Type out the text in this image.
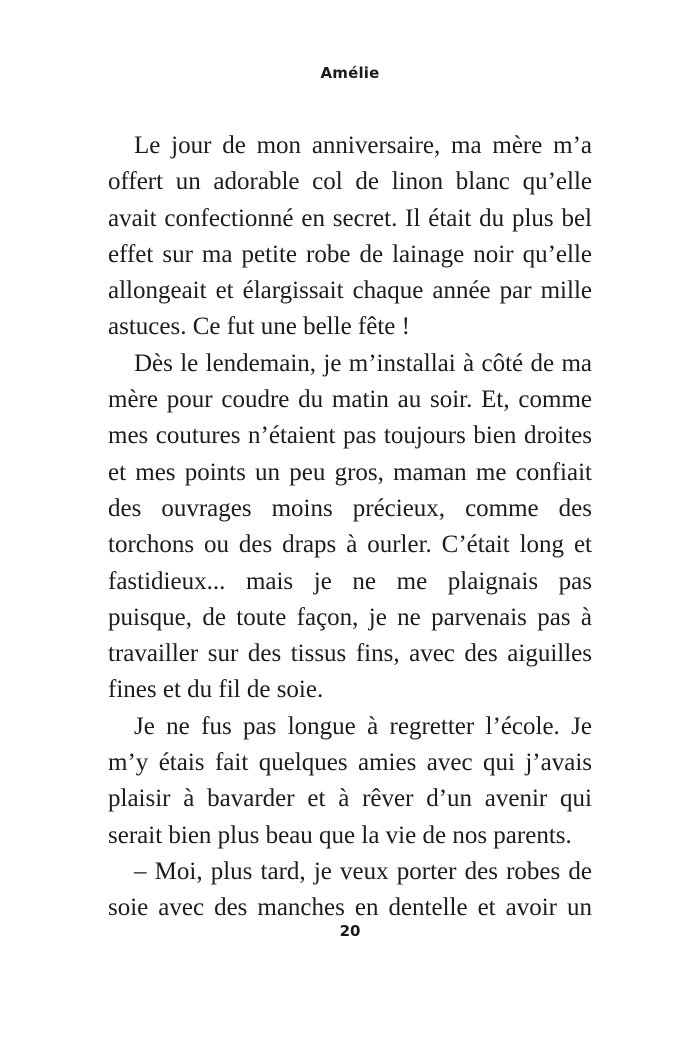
Amélie

Le jour de mon anniversaire, ma mère m’a offert un adorable col de linon blanc qu’elle avait confectionné en secret. Il était du plus bel effet sur ma petite robe de lainage noir qu’elle allongeait et élargissait chaque année par mille astuces. Ce fut une belle fête !

Dès le lendemain, je m’installai à côté de ma mère pour coudre du matin au soir. Et, comme mes coutures n’étaient pas toujours bien droites et mes points un peu gros, maman me confiait des ouvrages moins précieux, comme des torchons ou des draps à ourler. C’était long et fastidieux... mais je ne me plaignais pas puisque, de toute façon, je ne parvenais pas à travailler sur des tissus fins, avec des aiguilles fines et du fil de soie.

Je ne fus pas longue à regretter l’école. Je m’y étais fait quelques amies avec qui j’avais plaisir à bavarder et à rêver d’un avenir qui serait bien plus beau que la vie de nos parents.

– Moi, plus tard, je veux porter des robes de soie avec des manches en dentelle et avoir un

20
